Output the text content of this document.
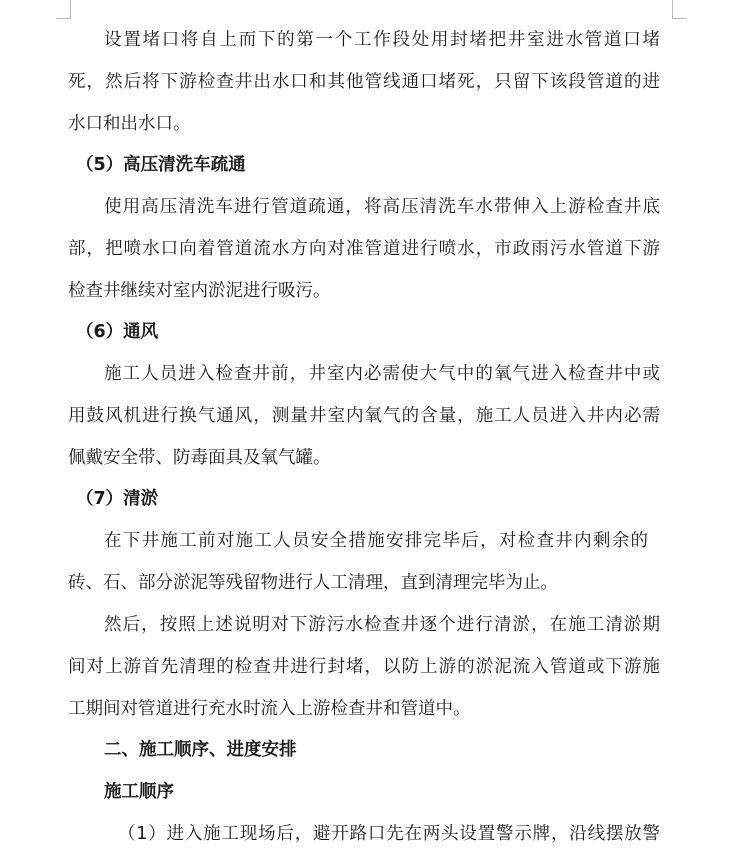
设置堵口将自上而下的第一个工作段处用封堵把井室进水管道口堵
死，然后将下游检查井出水口和其他管线通口堵死，只留下该段管道的进
水口和出水口。
（5）高压清洗车疏通
使用高压清洗车进行管道疏通，将高压清洗车水带伸入上游检查井底
部，把喷水口向着管道流水方向对准管道进行喷水，市政雨污水管道下游
检查井继续对室内淤泥进行吸污。
（6）通风
施工人员进入检查井前，井室内必需使大气中的氧气进入检查井中或
用鼓风机进行换气通风，测量井室内氧气的含量，施工人员进入井内必需
佩戴安全带、防毒面具及氧气罐。
（7）清淤
在下井施工前对施工人员安全措施安排完毕后，对检查井内剩余的
砖、石、部分淤泥等残留物进行人工清理，直到清理完毕为止。
然后，按照上述说明对下游污水检查井逐个进行清淤，在施工清淤期
间对上游首先清理的检查井进行封堵，以防上游的淤泥流入管道或下游施
工期间对管道进行充水时流入上游检查井和管道中。
二、施工顺序、进度安排
施工顺序
（1）进入施工现场后，避开路口先在两头设置警示牌，沿线摆放警
